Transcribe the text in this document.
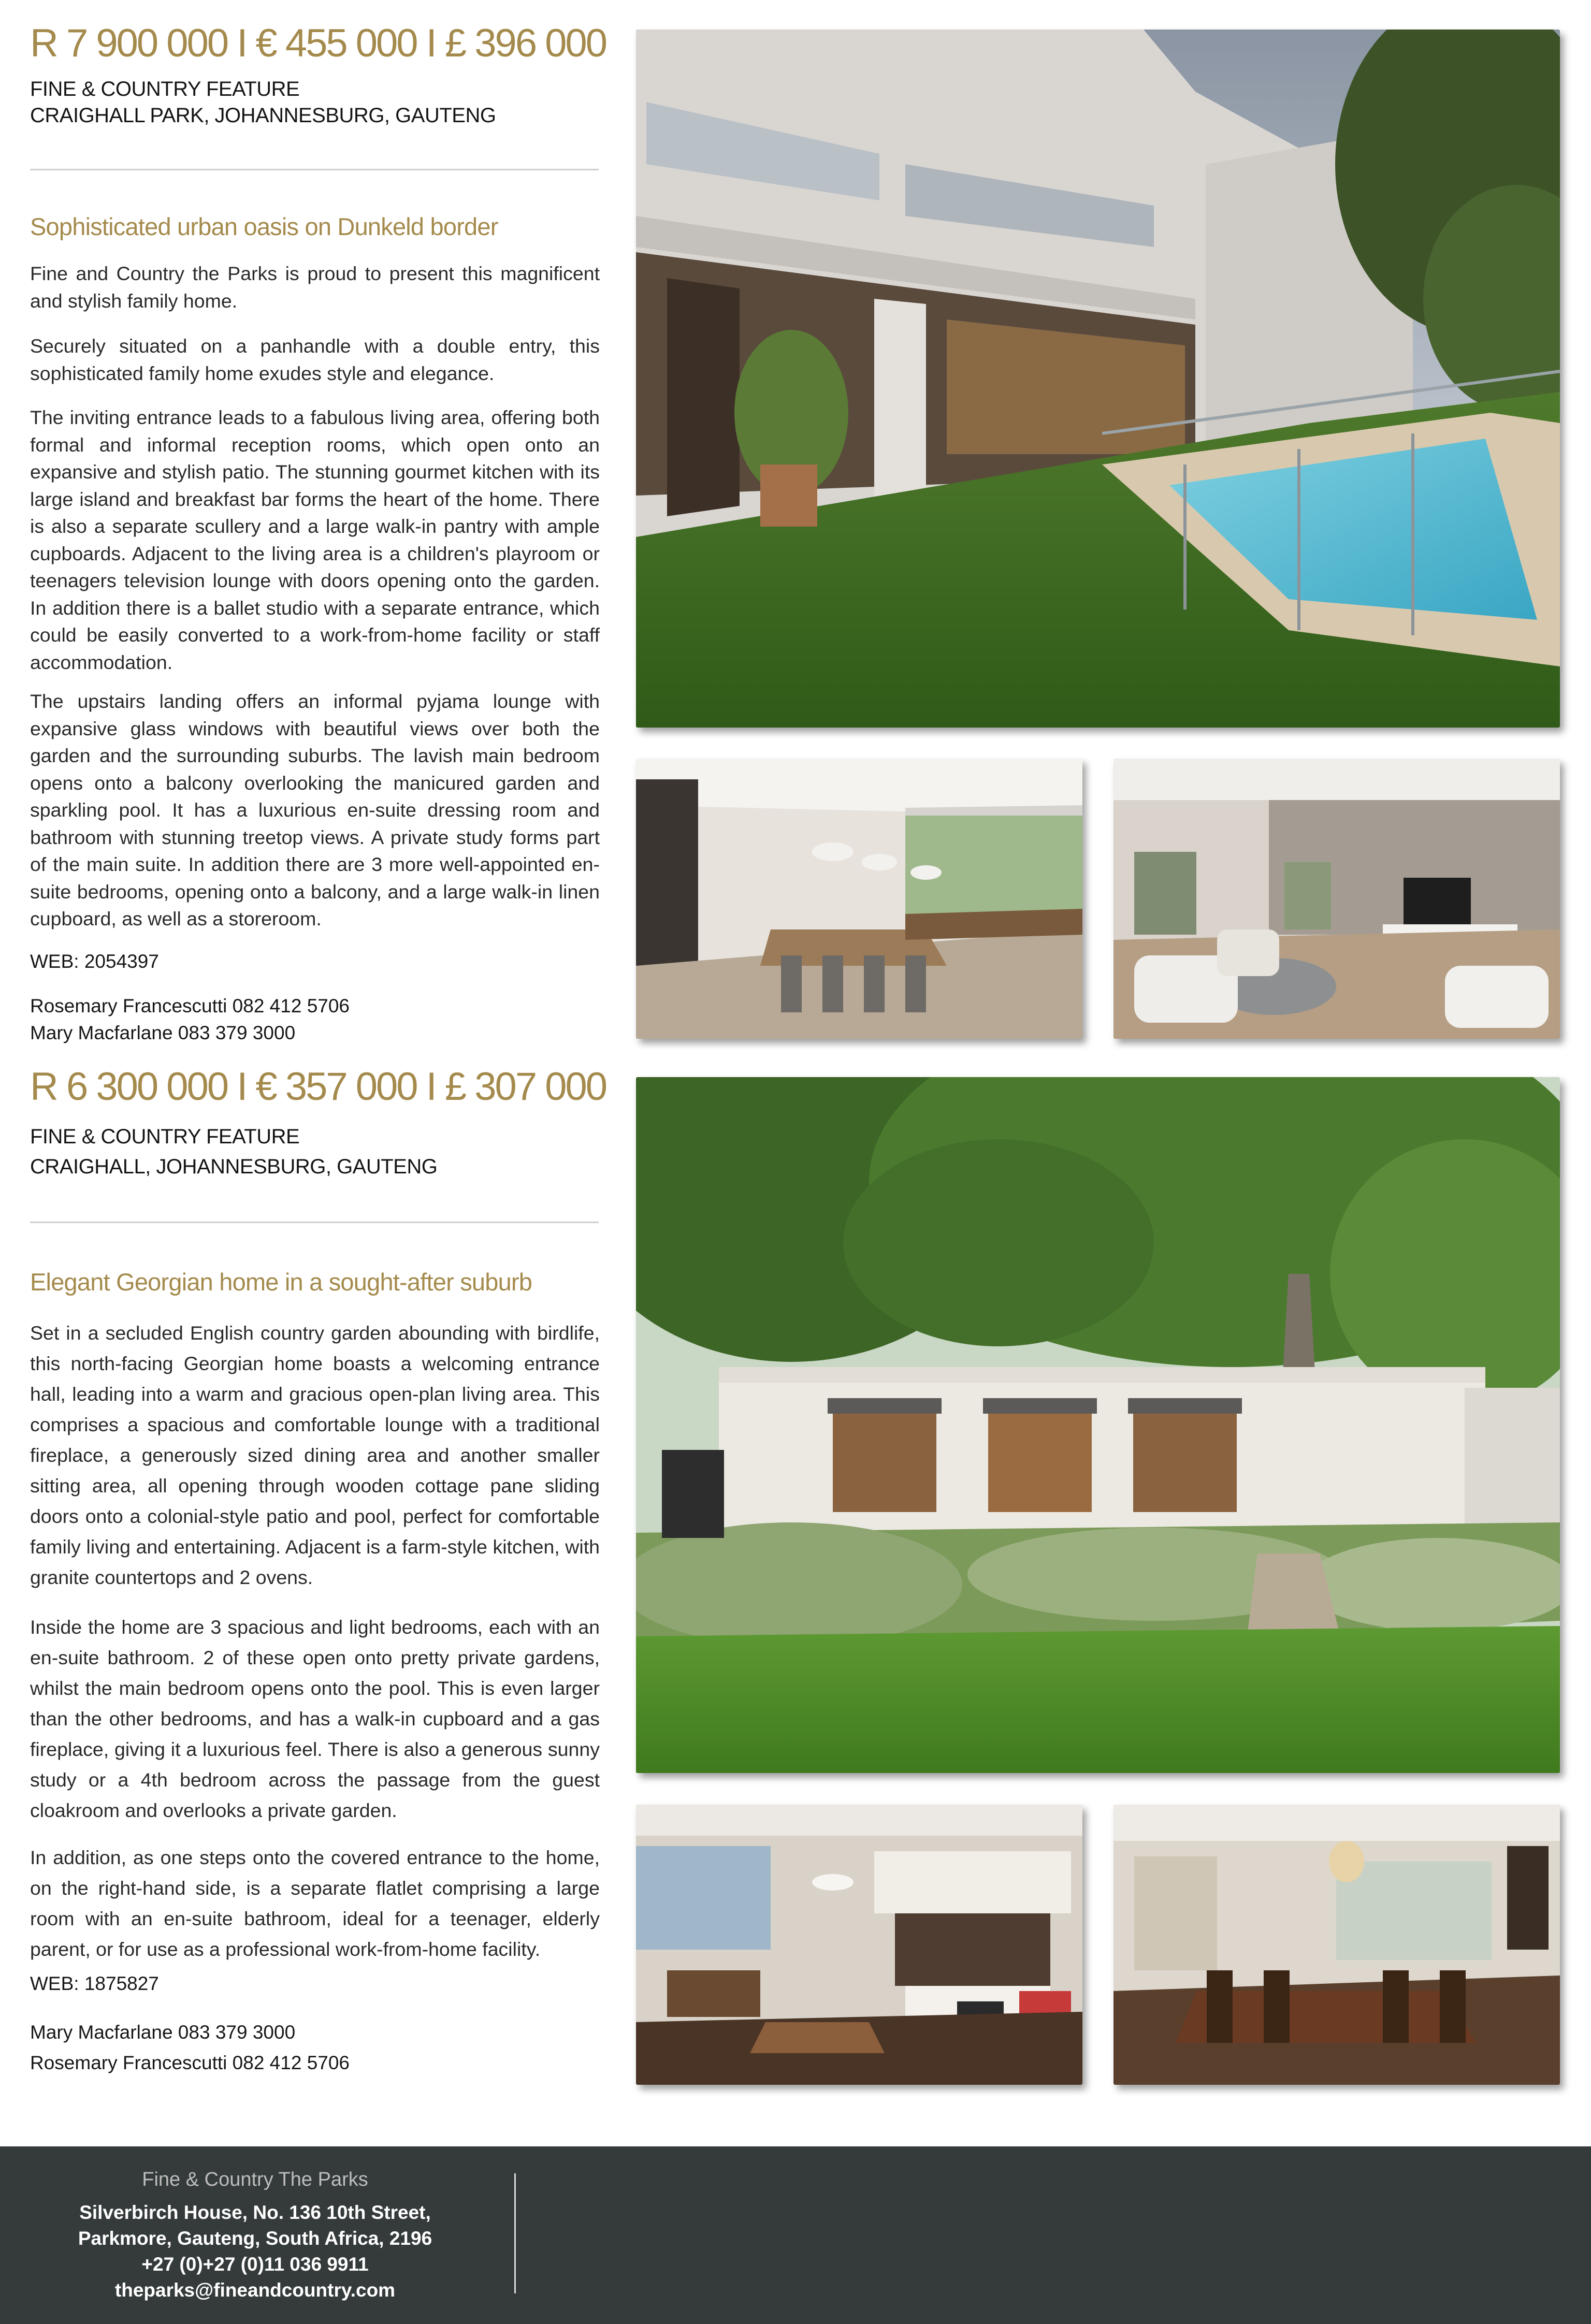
R 7 900 000 I € 455 000 I £ 396 000
FINE & COUNTRY FEATURE
CRAIGHALL PARK, JOHANNESBURG, GAUTENG
Sophisticated urban oasis on Dunkeld border

Fine and Country the Parks is proud to present this magnificent and stylish family home.

Securely situated on a panhandle with a double entry, this sophisticated family home exudes style and elegance.

The inviting entrance leads to a fabulous living area, offering both formal and informal reception rooms, which open onto an expansive and stylish patio. The stunning gourmet kitchen with its large island and breakfast bar forms the heart of the home. There is also a separate scullery and a large walk-in pantry with ample cupboards. Adjacent to the living area is a children's playroom or teenagers television lounge with doors opening onto the garden. In addition there is a ballet studio with a separate entrance, which could be easily converted to a work-from-home facility or staff accommodation.

The upstairs landing offers an informal pyjama lounge with expansive glass windows with beautiful views over both the garden and the surrounding suburbs. The lavish main bedroom opens onto a balcony overlooking the manicured garden and sparkling pool. It has a luxurious en-suite dressing room and bathroom with stunning treetop views. A private study forms part of the main suite. In addition there are 3 more well-appointed en-suite bedrooms, opening onto a balcony, and a large walk-in linen cupboard, as well as a storeroom.

WEB: 2054397
Rosemary Francescutti 082 412 5706
Mary Macfarlane 083 379 3000
R 6 300 000 I € 357 000 I £ 307 000
FINE & COUNTRY FEATURE
CRAIGHALL, JOHANNESBURG, GAUTENG
Elegant Georgian home in a sought-after suburb

Set in a secluded English country garden abounding with birdlife, this north-facing Georgian home boasts a welcoming entrance hall, leading into a warm and gracious open-plan living area. This comprises a spacious and comfortable lounge with a traditional fireplace, a generously sized dining area and another smaller sitting area, all opening through wooden cottage pane sliding doors onto a colonial-style patio and pool, perfect for comfortable family living and entertaining. Adjacent is a farm-style kitchen, with granite countertops and 2 ovens.

Inside the home are 3 spacious and light bedrooms, each with an en-suite bathroom. 2 of these open onto pretty private gardens, whilst the main bedroom opens onto the pool. This is even larger than the other bedrooms, and has a walk-in cupboard and a gas fireplace, giving it a luxurious feel. There is also a generous sunny study or a 4th bedroom across the passage from the guest cloakroom and overlooks a private garden.

In addition, as one steps onto the covered entrance to the home, on the right-hand side, is a separate flatlet comprising a large room with an en-suite bathroom, ideal for a teenager, elderly parent, or for use as a professional work-from-home facility.

WEB: 1875827
Mary Macfarlane 083 379 3000
Rosemary Francescutti 082 412 5706
Fine & Country The Parks
Silverbirch House, No. 136 10th Street,
Parkmore, Gauteng, South Africa, 2196
+27 (0)+27 (0)11 036 9911
theparks@fineandcountry.com
